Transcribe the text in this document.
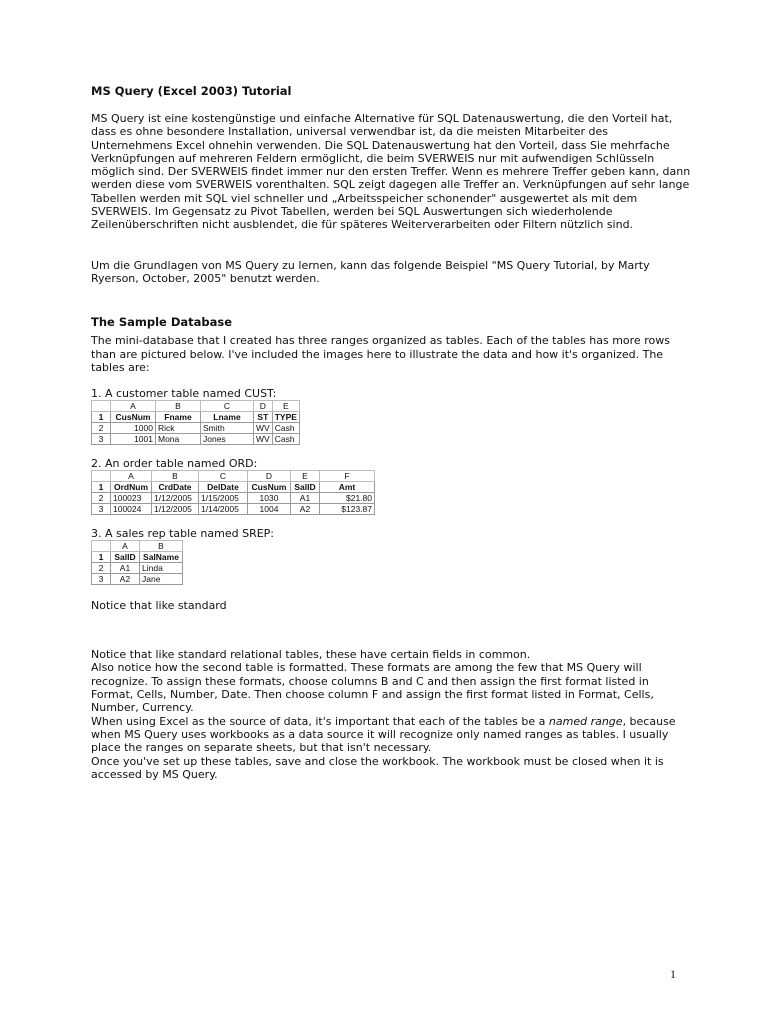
MS Query (Excel 2003) Tutorial

MS Query ist eine kostengünstige und einfache Alternative für SQL Datenauswertung, die den Vorteil hat, dass es ohne besondere Installation, universal verwendbar ist, da die meisten Mitarbeiter des Unternehmens Excel ohnehin verwenden. Die SQL Datenauswertung hat den Vorteil, dass Sie mehrfache Verknüpfungen auf mehreren Feldern ermöglicht, die beim SVERWEIS nur mit aufwendigen Schlüsseln möglich sind. Der SVERWEIS findet immer nur den ersten Treffer. Wenn es mehrere Treffer geben kann, dann werden diese vom SVERWEIS vorenthalten. SQL zeigt dagegen alle Treffer an. Verknüpfungen auf sehr lange Tabellen werden mit SQL viel schneller und „Arbeitsspeicher schonender" ausgewertet als mit dem SVERWEIS. Im Gegensatz zu Pivot Tabellen, werden bei SQL Auswertungen sich wiederholende Zeilenüberschriften nicht ausblendet, die für späteres Weiterverarbeiten oder Filtern nützlich sind.

Um die Grundlagen von MS Query zu lernen, kann das folgende Beispiel "MS Query Tutorial, by Marty Ryerson, October, 2005" benutzt werden.

The Sample Database

The mini-database that I created has three ranges organized as tables. Each of the tables has more rows than are pictured below. I've included the images here to illustrate the data and how it's organized. The tables are:

1. A customer table named CUST:

	A	B	C	D	E
1	CusNum	Fname	Lname	ST	TYPE
2	1000	Rick	Smith	WV	Cash
3	1001	Mona	Jones	WV	Cash

2. An order table named ORD:

	A	B	C	D	E	F
1	OrdNum	CrdDate	DelDate	CusNum	SalID	Amt
2	100023	1/12/2005	1/15/2005	1030	A1	$21.80
3	100024	1/12/2005	1/14/2005	1004	A2	$123.87

3. A sales rep table named SREP:

	A	B
1	SalID	SalName
2	A1	Linda
3	A2	Jane

Notice that like standard

Notice that like standard relational tables, these have certain fields in common.
Also notice how the second table is formatted. These formats are among the few that MS Query will recognize. To assign these formats, choose columns B and C and then assign the first format listed in Format, Cells, Number, Date. Then choose column F and assign the first format listed in Format, Cells, Number, Currency.
When using Excel as the source of data, it's important that each of the tables be a named range, because when MS Query uses workbooks as a data source it will recognize only named ranges as tables. I usually place the ranges on separate sheets, but that isn't necessary.
Once you've set up these tables, save and close the workbook. The workbook must be closed when it is accessed by MS Query.
1
